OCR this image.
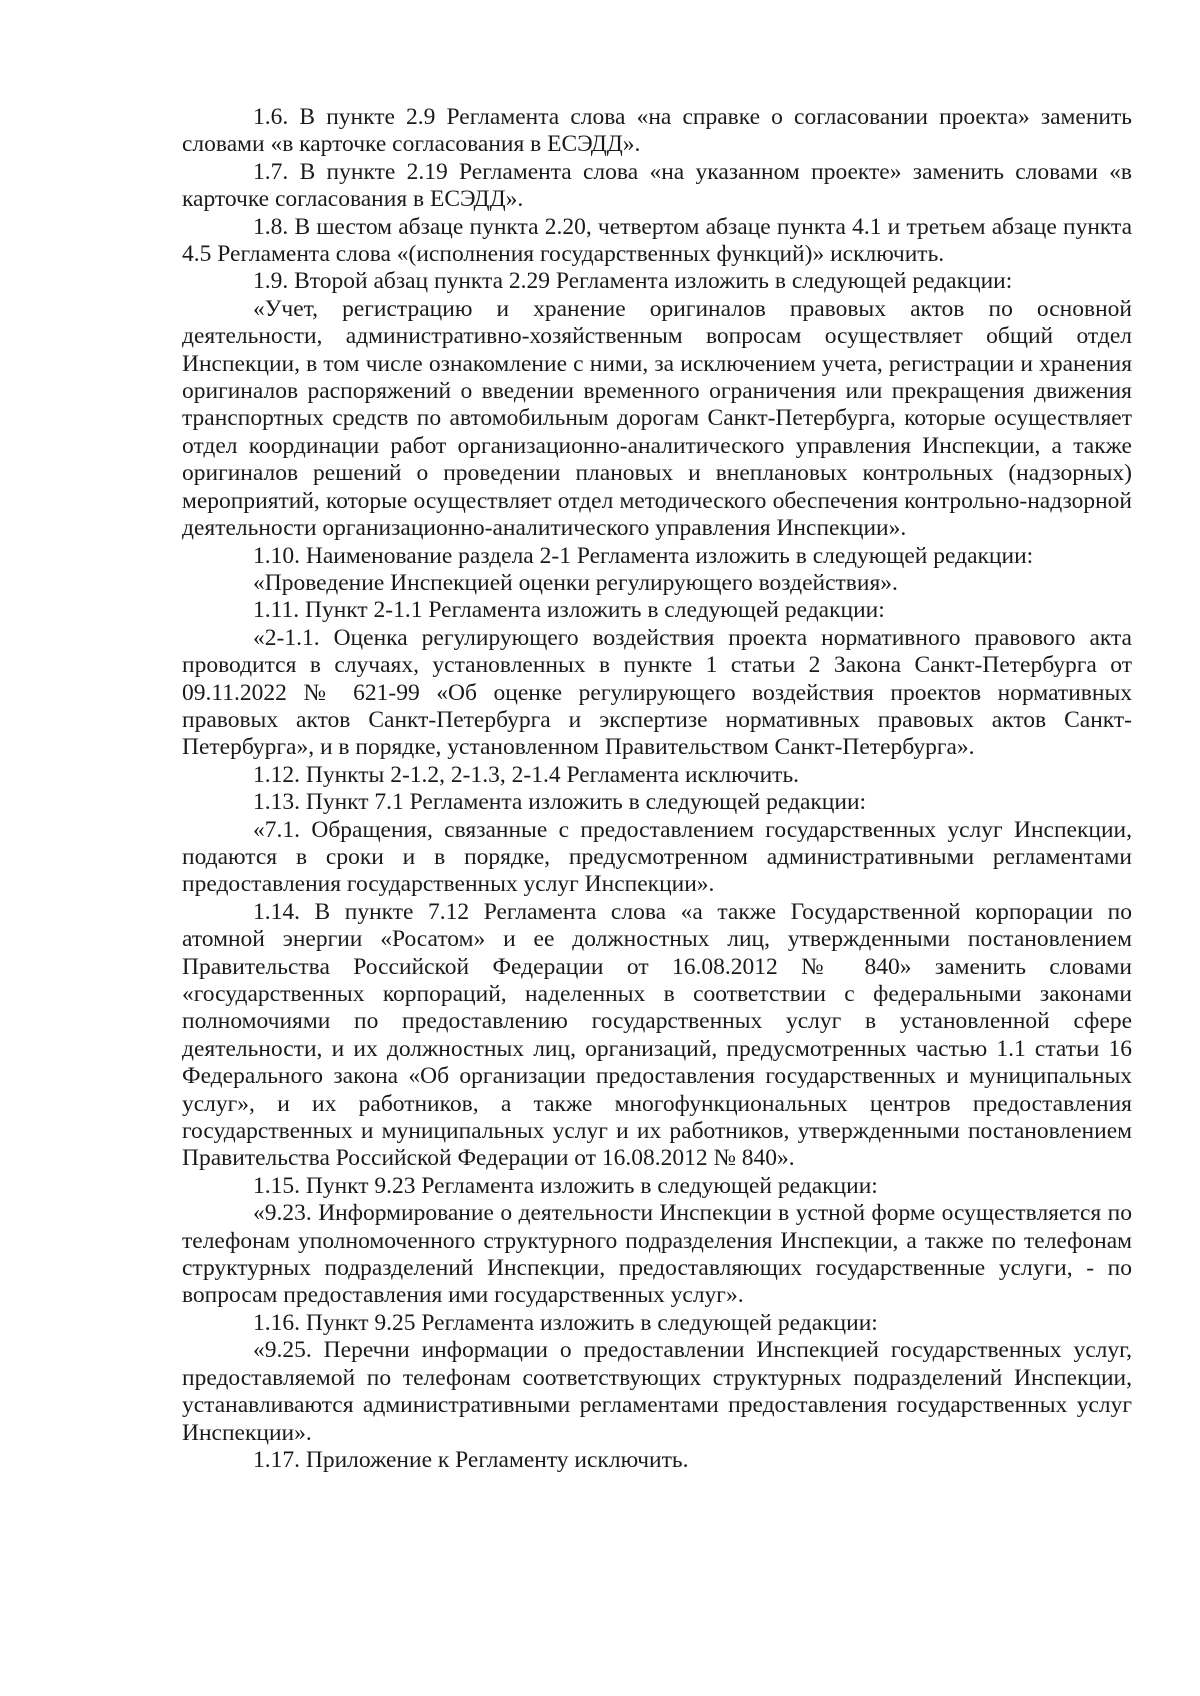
1.6. В пункте 2.9 Регламента слова «на справке о согласовании проекта» заменить словами «в карточке согласования в ЕСЭДД».

1.7. В пункте 2.19 Регламента слова «на указанном проекте» заменить словами «в карточке согласования в ЕСЭДД».

1.8. В шестом абзаце пункта 2.20, четвертом абзаце пункта 4.1 и третьем абзаце пункта 4.5 Регламента слова «(исполнения государственных функций)» исключить.

1.9. Второй абзац пункта 2.29 Регламента изложить в следующей редакции:

«Учет, регистрацию и хранение оригиналов правовых актов по основной деятельности, административно-хозяйственным вопросам осуществляет общий отдел Инспекции, в том числе ознакомление с ними, за исключением учета, регистрации и хранения оригиналов распоряжений о введении временного ограничения или прекращения движения транспортных средств по автомобильным дорогам Санкт-Петербурга, которые осуществляет отдел координации работ организационно-аналитического управления Инспекции, а также оригиналов решений о проведении плановых и внеплановых контрольных (надзорных) мероприятий, которые осуществляет отдел методического обеспечения контрольно-надзорной деятельности организационно-аналитического управления Инспекции».

1.10. Наименование раздела 2-1 Регламента изложить в следующей редакции:

«Проведение Инспекцией оценки регулирующего воздействия».

1.11. Пункт 2-1.1 Регламента изложить в следующей редакции:

«2-1.1. Оценка регулирующего воздействия проекта нормативного правового акта проводится в случаях, установленных в пункте 1 статьи 2 Закона Санкт-Петербурга от 09.11.2022 № 621-99 «Об оценке регулирующего воздействия проектов нормативных правовых актов Санкт-Петербурга и экспертизе нормативных правовых актов Санкт-Петербурга», и в порядке, установленном Правительством Санкт-Петербурга».

1.12. Пункты 2-1.2, 2-1.3, 2-1.4 Регламента исключить.

1.13. Пункт 7.1 Регламента изложить в следующей редакции:

«7.1. Обращения, связанные с предоставлением государственных услуг Инспекции, подаются в сроки и в порядке, предусмотренном административными регламентами предоставления государственных услуг Инспекции».

1.14. В пункте 7.12 Регламента слова «а также Государственной корпорации по атомной энергии «Росатом» и ее должностных лиц, утвержденными постановлением Правительства Российской Федерации от 16.08.2012 № 840» заменить словами «государственных корпораций, наделенных в соответствии с федеральными законами полномочиями по предоставлению государственных услуг в установленной сфере деятельности, и их должностных лиц, организаций, предусмотренных частью 1.1 статьи 16 Федерального закона «Об организации предоставления государственных и муниципальных услуг», и их работников, а также многофункциональных центров предоставления государственных и муниципальных услуг и их работников, утвержденными постановлением Правительства Российской Федерации от 16.08.2012 № 840».

1.15. Пункт 9.23 Регламента изложить в следующей редакции:

«9.23. Информирование о деятельности Инспекции в устной форме осуществляется по телефонам уполномоченного структурного подразделения Инспекции, а также по телефонам структурных подразделений Инспекции, предоставляющих государственные услуги, - по вопросам предоставления ими государственных услуг».

1.16. Пункт 9.25 Регламента изложить в следующей редакции:

«9.25. Перечни информации о предоставлении Инспекцией государственных услуг, предоставляемой по телефонам соответствующих структурных подразделений Инспекции, устанавливаются административными регламентами предоставления государственных услуг Инспекции».

1.17. Приложение к Регламенту исключить.
